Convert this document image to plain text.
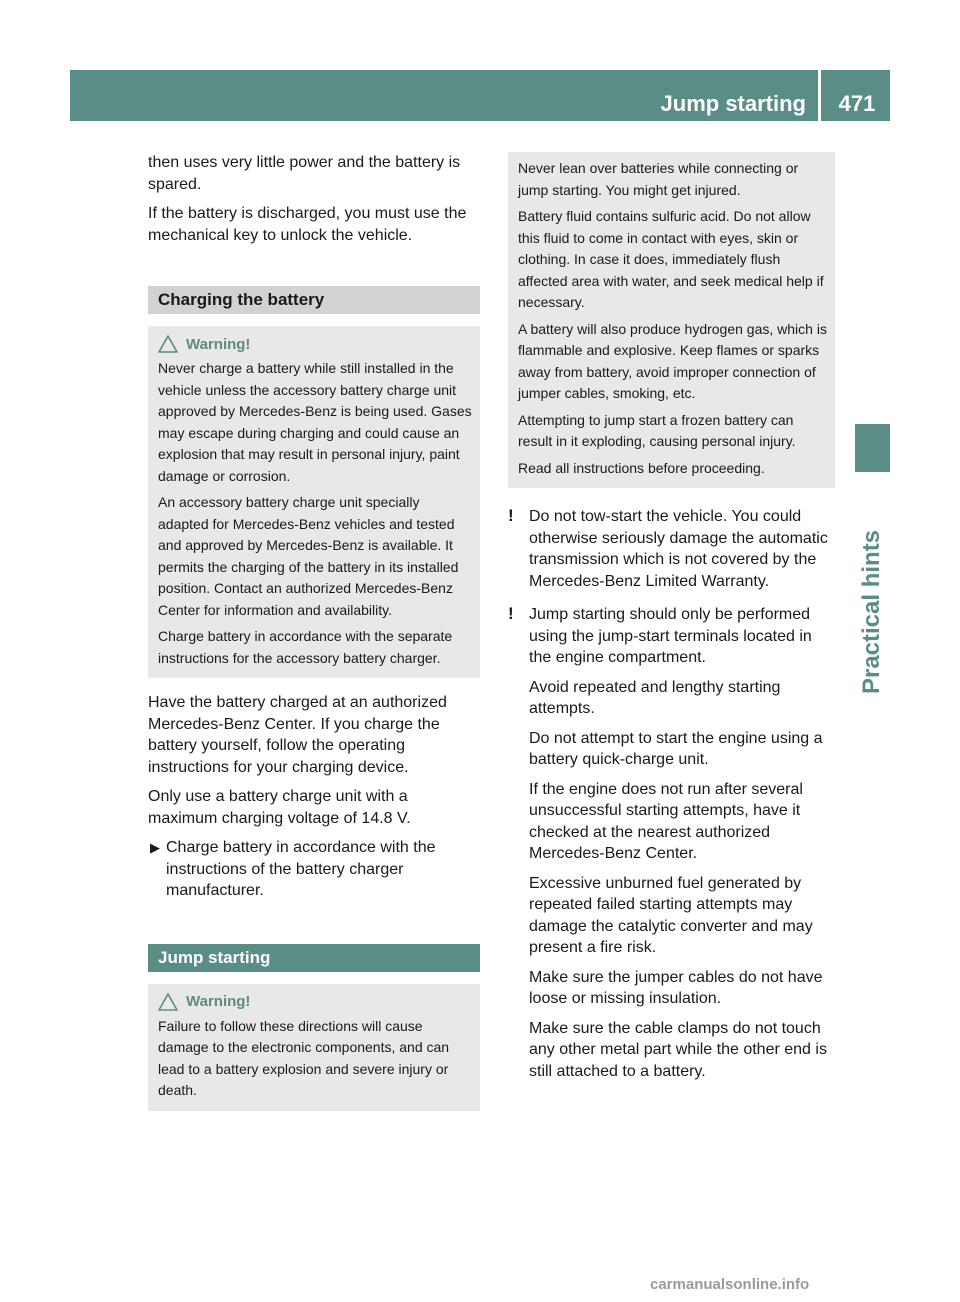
Jump starting	471
Practical hints

then uses very little power and the battery is spared.

If the battery is discharged, you must use the mechanical key to unlock the vehicle.

Charging the battery
Warning!

Never charge a battery while still installed in the vehicle unless the accessory battery charge unit approved by Mercedes-Benz is being used. Gases may escape during charging and could cause an explosion that may result in personal injury, paint damage or corrosion.

An accessory battery charge unit specially adapted for Mercedes-Benz vehicles and tested and approved by Mercedes-Benz is available. It permits the charging of the battery in its installed position. Contact an authorized Mercedes-Benz Center for information and availability.

Charge battery in accordance with the separate instructions for the accessory battery charger.

Have the battery charged at an authorized Mercedes-Benz Center. If you charge the battery yourself, follow the operating instructions for your charging device.

Only use a battery charge unit with a maximum charging voltage of 14.8 V.

▶ Charge battery in accordance with the instructions of the battery charger manufacturer.

Jump starting
Warning!

Failure to follow these directions will cause damage to the electronic components, and can lead to a battery explosion and severe injury or death.

Never lean over batteries while connecting or jump starting. You might get injured.

Battery fluid contains sulfuric acid. Do not allow this fluid to come in contact with eyes, skin or clothing. In case it does, immediately flush affected area with water, and seek medical help if necessary.

A battery will also produce hydrogen gas, which is flammable and explosive. Keep flames or sparks away from battery, avoid improper connection of jumper cables, smoking, etc.

Attempting to jump start a frozen battery can result in it exploding, causing personal injury.

Read all instructions before proceeding.

! Do not tow-start the vehicle. You could otherwise seriously damage the automatic transmission which is not covered by the Mercedes-Benz Limited Warranty.

! Jump starting should only be performed using the jump-start terminals located in the engine compartment.

Avoid repeated and lengthy starting attempts.

Do not attempt to start the engine using a battery quick-charge unit.

If the engine does not run after several unsuccessful starting attempts, have it checked at the nearest authorized Mercedes-Benz Center.

Excessive unburned fuel generated by repeated failed starting attempts may damage the catalytic converter and may present a fire risk.

Make sure the jumper cables do not have loose or missing insulation.

Make sure the cable clamps do not touch any other metal part while the other end is still attached to a battery.

carmanualsonline.info
